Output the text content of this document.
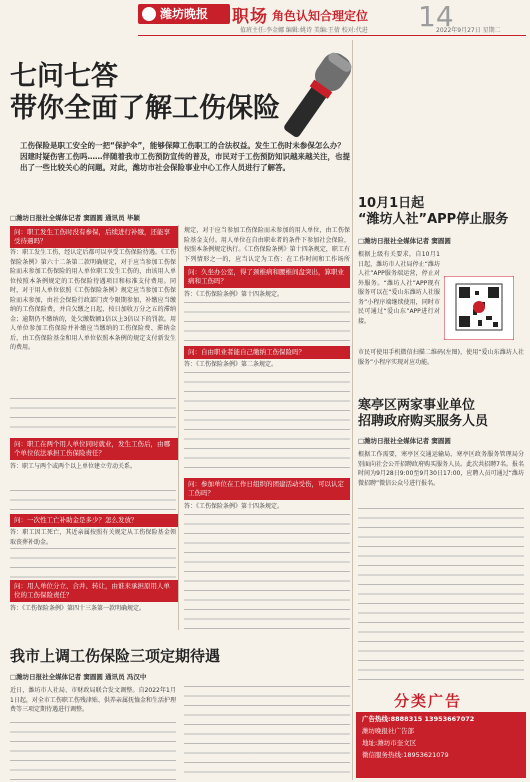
潍坊晚报 职场 角色认知合理定位 14
值班主任:李金娜 编辑:姚诗 美编:王倩 校对:代进	2022年9月27日 星期二
七问七答
带你全面了解工伤保险
工伤保险是职工安全的一把“保护伞”，能够保障工伤职工的合法权益。发生工伤时未参保怎么办？因建时疑伤害工伤吗……伴随着我市工伤预防宣传的普及，市民对于工伤预防知识越来越关注，也提出了一些比较关心的问题。对此，潍坊市社会保险事业中心工作人员进行了解答。
□潍坊日报社全媒体记者 窦圆圆 通讯员 毕颖
问：职工发生工伤时没有参保，后续进行补缴，还能享受待遇吗？
答：职工发生工伤，经认定后都可以享受工伤保险待遇。《工伤保险条例》第六十二条第二款明确规定，对于应当参加工伤保险而未参加工伤保险的用人单位职工发生工伤的，由该用人单位按照本条例规定的工伤保险待遇项目和标准支付费用。同时，对于用人单位依照《工伤保险条例》规定应当参加工伤保险而未参加，由社会保险行政部门责令限期参加，补缴应当缴纳的工伤保险费，并自欠缴之日起，按日加收万分之五的滞纳金；逾期仍不缴纳的，处欠缴数额1倍以上3倍以下的罚款。用人单位参加工伤保险并补缴应当缴纳的工伤保险费、滞纳金后，由工伤保险基金和用人单位依照本条例的规定支付新发生的费用。
问：职工在两个用人单位同时就业，发生工伤后，由哪个单位依法承担工伤保险责任？
答：职工与两个或两个以上单位建立劳动关系。
问：一次性工亡补助金是多少？怎么发放？
答：职工因工死亡，其近亲属按照有关规定从工伤保险基金领取丧葬补助金。
问：用人单位分立、合并、转让，由谁来承担原用人单位的工伤保险责任？
答：《工伤保险条例》第四十三条第一款明确规定。
规定，对于应当参加工伤保险而未参加的用人单位，由工伤保险基金支付。用人单位在自由职业者的条件下参加社会保险，按照本条例规定执行。《工伤保险条例》第十四条规定，职工有下列情形之一的，应当认定为工伤：在工作时间和工作场所
问：久坐办公室，得了颈椎病和腰椎间盘突出，算职业病和工伤吗？
答：《工伤保险条例》第十四条规定。
问：自由职业者能自己缴纳工伤保险吗？
答：《工伤保险条例》第二条规定。
问：参加单位在工作日组织的团建活动受伤，可以认定工伤吗？
答：《工伤保险条例》第十四条规定。
我市上调工伤保险三项定期待遇
□潍坊日报社全媒体记者 窦圆圆 通讯员 冯汉中
近日，潍坊市人社局、市财政局联合发文调整。自2022年1月1日起，对全市工伤职工伤残津贴、供养亲属抚恤金和生活护理费等三项定期待遇进行调整。
10月1日起
“潍坊人社”APP停止服务
□潍坊日报社全媒体记者 窦圆圆
根据上级有关要求，自10月1日起，潍坊市人社局停止“潍坊人社”APP服务端运营，停止对外服务。“潍坊人社”APP现有服务可以在“爱山东潍坊人社服务”小程序端继续使用，同时市民可通过“爱山东”APP进行对接。
市民可使用手机微信扫描二维码(左图)，使用“爱山东潍坊人社服务”小程序实现对应功能。
寒亭区两家事业单位
招聘政府购买服务人员
□潍坊日报社全媒体记者 窦圆圆
根据工作需要，寒亭区交通运输局、寒亭区政务服务管理局分别面向社会公开招聘政府购买服务人员。此次共招聘7名。报名时间为9月28日9:00至9月30日17:00，应聘人员可通过“潍坊微招聘”微信公众号进行报名。
分类广告
广告热线:8888315 13953667072
潍坊晚报社广告部
地址:潍坊市奎文区
微信服务热线:18953621079
